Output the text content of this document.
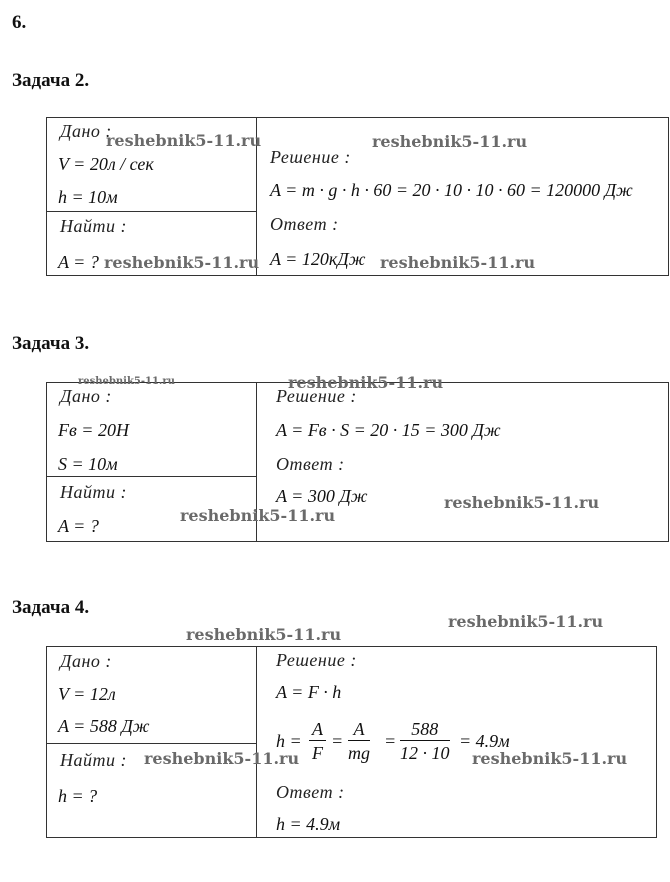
6.
Задача 2.
Дано :
V = 20л / сек
h = 10м
Найти :
A = ?
Решение :
A = m · g · h · 60 = 20 · 10 · 10 · 60 = 120000 Дж
Ответ :
A = 120кДж
reshebnik5-11.ru	reshebnik5-11.ru
reshebnik5-11.ru	reshebnik5-11.ru
Задача 3.
Дано :
Fв = 20H
S = 10м
Найти :
A = ?
Решение :
A = Fв · S = 20 · 15 = 300 Дж
Ответ :
A = 300 Дж
reshebnik5-11.ru	reshebnik5-11.ru
reshebnik5-11.ru
reshebnik5-11.ru
Задача 4.
Дано :
V = 12л
A = 588 Дж
Найти :
h = ?
Решение :
A = F · h
$h = \frac{A}{F} = \frac{A}{mg} = \frac{588}{12 \cdot 10} = 4.9м$
Ответ :
h = 4.9м
reshebnik5-11.ru
reshebnik5-11.ru
reshebnik5-11.ru	reshebnik5-11.ru
